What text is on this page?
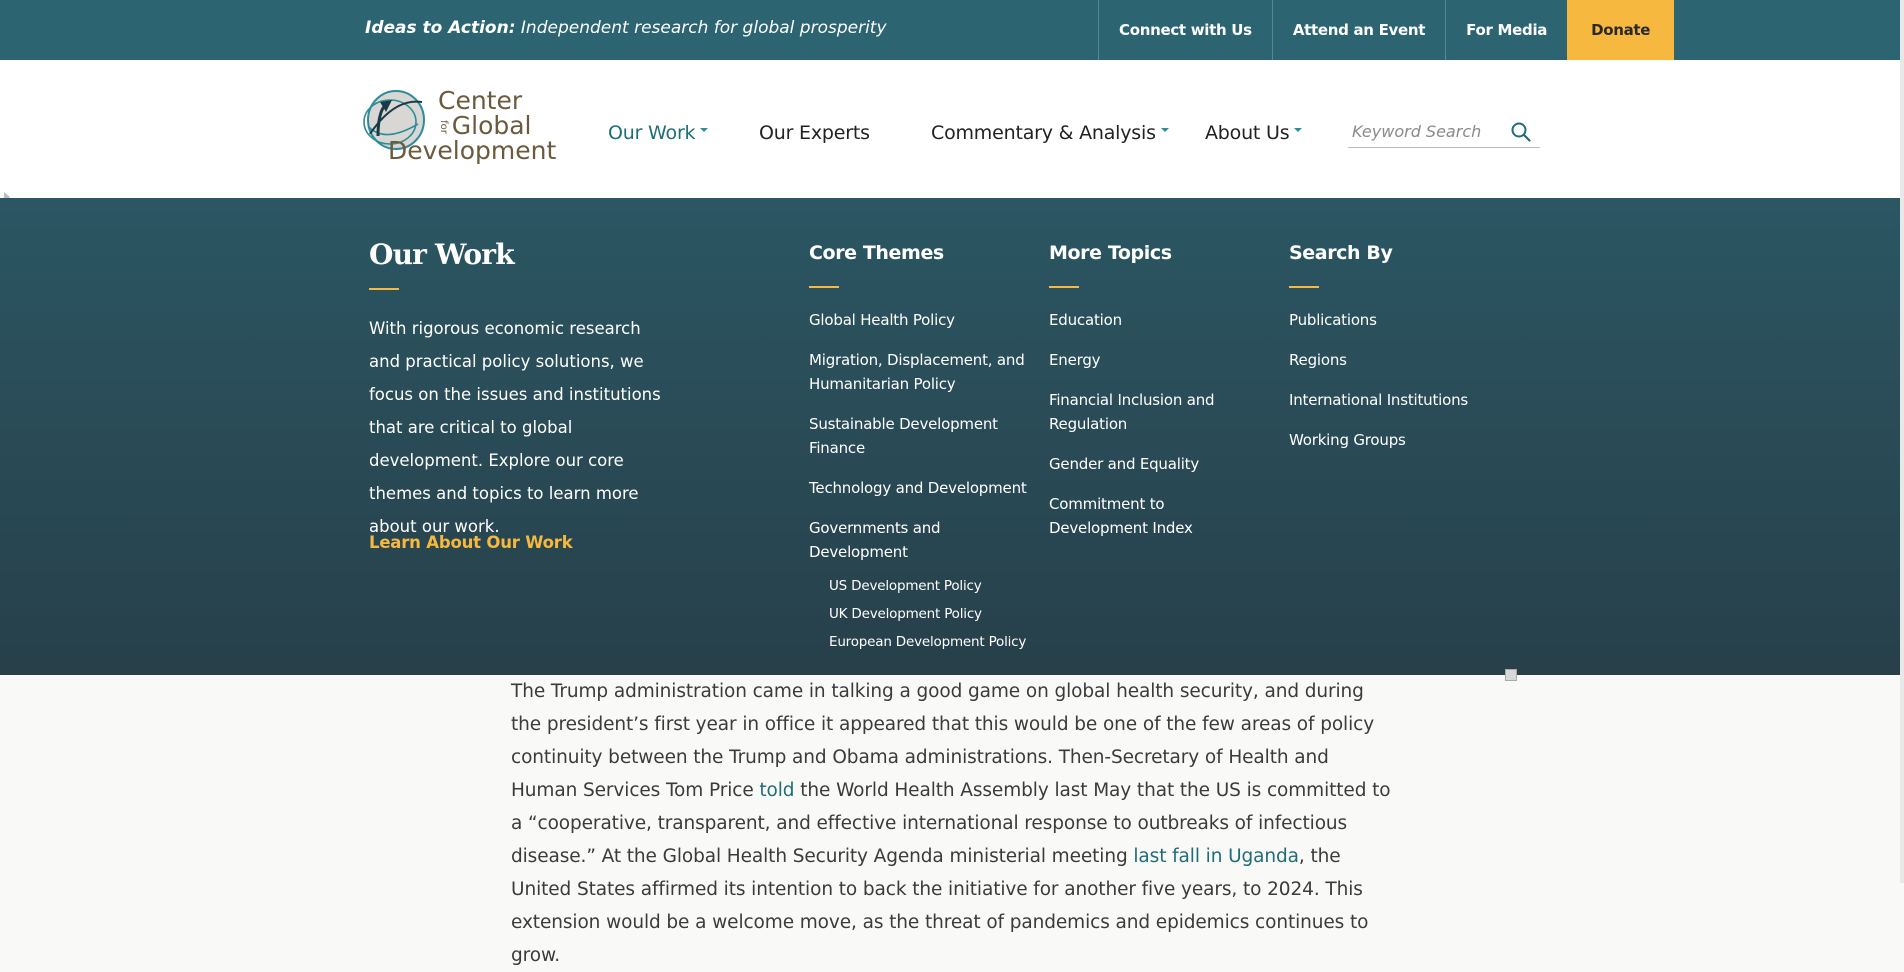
Ideas to Action: Independent research for global prosperity	Connect with Us	Attend an Event	For Media	Donate
Center
for Global
Development
Our Work	Our Experts	Commentary & Analysis	About Us
Keyword Search
Our Work

With rigorous economic research and practical policy solutions, we focus on the issues and institutions that are critical to global development. Explore our core themes and topics to learn more about our work.

Learn About Our Work
Core Themes
Global Health Policy
Migration, Displacement, and Humanitarian Policy
Sustainable Development Finance
Technology and Development
Governments and Development
US Development Policy
UK Development Policy
European Development Policy
More Topics
Education
Energy
Financial Inclusion and Regulation
Gender and Equality
Commitment to Development Index
Search By
Publications
Regions
International Institutions
Working Groups

The Trump administration came in talking a good game on global health security, and during the president’s first year in office it appeared that this would be one of the few areas of policy continuity between the Trump and Obama administrations. Then-Secretary of Health and Human Services Tom Price told the World Health Assembly last May that the US is committed to a “cooperative, transparent, and effective international response to outbreaks of infectious disease.” At the Global Health Security Agenda ministerial meeting last fall in Uganda, the United States affirmed its intention to back the initiative for another five years, to 2024. This extension would be a welcome move, as the threat of pandemics and epidemics continues to grow.
